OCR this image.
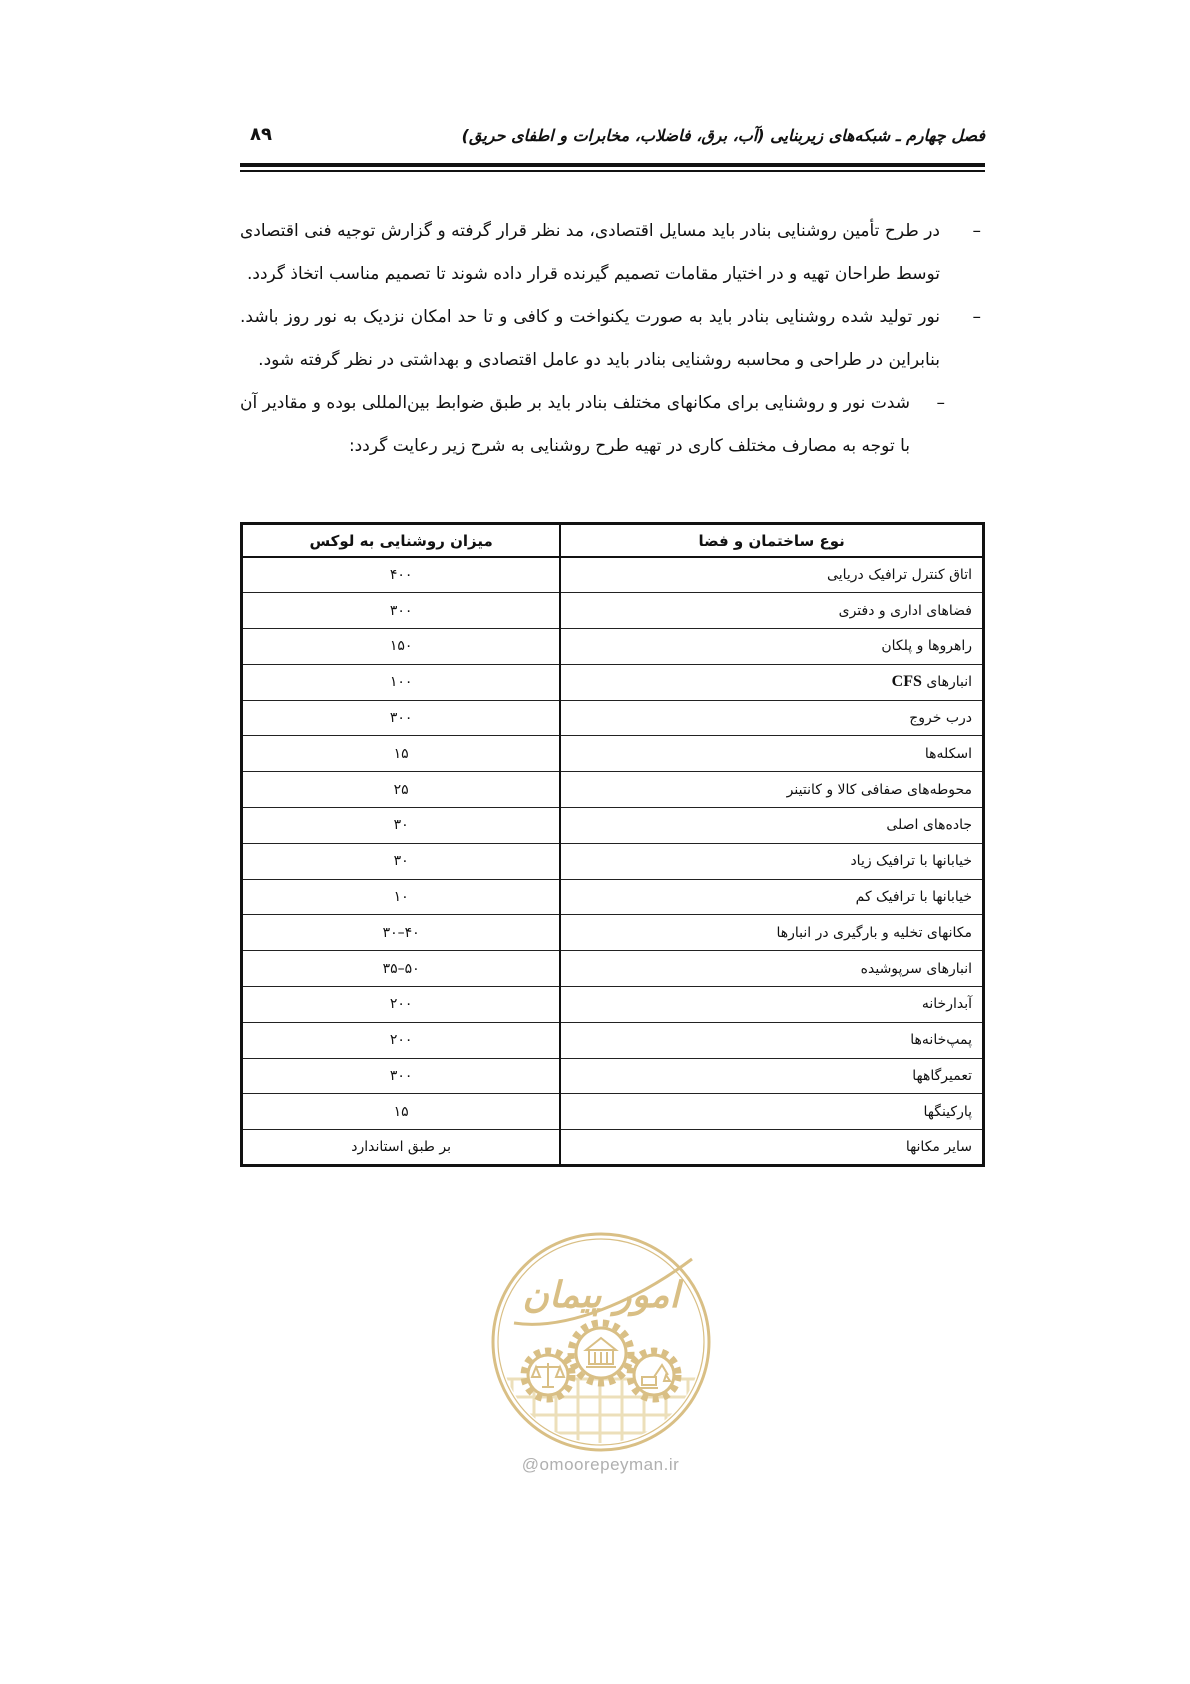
فصل چهارم ـ شبکه‌های زیربنایی (آب، برق، فاضلاب، مخابرات و اطفای حریق)
۸۹
–
در طرح تأمین روشنایی بنادر باید مسایل اقتصادی، مد نظر قرار گرفته و گزارش توجیه فنی اقتصادی توسط طراحان تهیه و در اختیار مقامات تصمیم گیرنده قرار داده شوند تا تصمیم مناسب اتخاذ گردد.
–
نور تولید شده روشنایی بنادر باید به صورت یکنواخت و کافی و تا حد امکان نزدیک به نور روز باشد. بنابراین در طراحی و محاسبه روشنایی بنادر باید دو عامل اقتصادی و بهداشتی در نظر گرفته شود.
–
شدت نور و روشنایی برای مکانهای مختلف بنادر باید بر طبق ضوابط بین‌المللی بوده و مقادیر آن با توجه به مصارف مختلف کاری در تهیه طرح روشنایی به شرح زیر رعایت گردد:
نوع ساختمان و فضا	میزان روشنایی به لوکس
اتاق کنترل ترافیک دریایی	۴۰۰
فضاهای اداری و دفتری	۳۰۰
راهروها و پلکان	۱۵۰
انبارهای CFS	۱۰۰
درب خروج	۳۰۰
اسکله‌ها	۱۵
محوطه‌های صفافی کالا و کانتینر	۲۵
جاده‌های اصلی	۳۰
خیابانها با ترافیک زیاد	۳۰
خیابانها با ترافیک کم	۱۰
مکانهای تخلیه و بارگیری در انبارها	۳۰–۴۰
انبارهای سرپوشیده	۳۵–۵۰
آبدارخانه	۲۰۰
پمپ‌خانه‌ها	۲۰۰
تعمیرگاهها	۳۰۰
پارکینگها	۱۵
سایر مکانها	بر طبق استاندارد
امور پیمان
@omoorepeyman.ir
